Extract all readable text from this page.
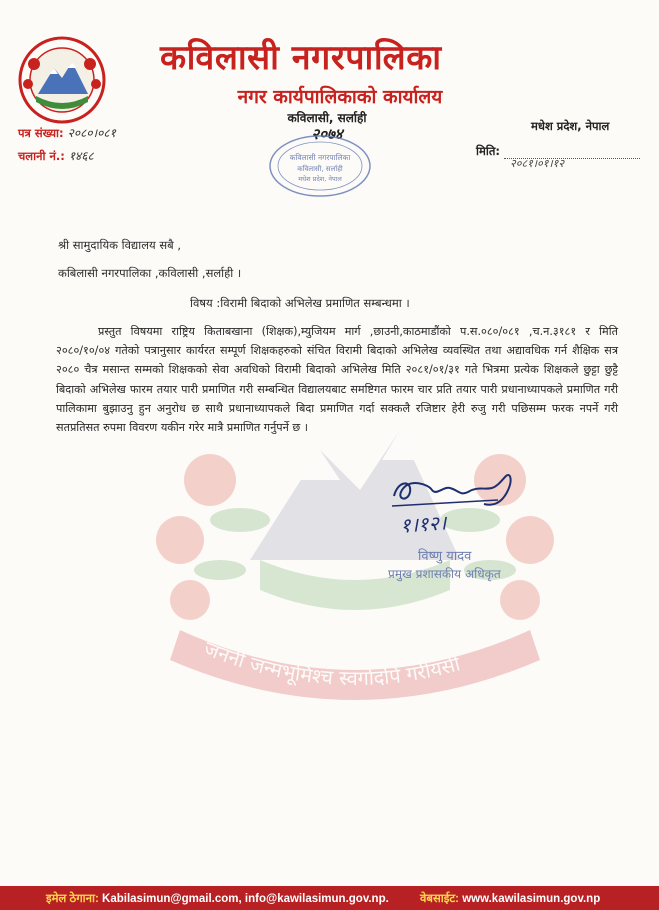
जननी जन्मभूमिश्च स्वर्गादपि गरीयसी
कविलासी नगरपालिका
नगर कार्यपालिकाको कार्यालय
कविलासी, सर्लाही
२०७४
पत्र संख्या: २०८०।०८१
चलानी नं.: १४६८
मधेश प्रदेश, नेपाल
मिति:
२०८१।०१।१२
कविलासी नगरपालिका
कविलासी, सर्लाही
मधेश प्रदेश, नेपाल
श्री सामुदायिक विद्यालय सबै ,
कबिलासी नगरपालिका ,कविलासी ,सर्लाही ।
विषय :विरामी बिदाको अभिलेख प्रमाणित सम्बन्धमा ।
प्रस्तुत विषयमा राष्ट्रिय किताबखाना (शिक्षक),म्युजियम मार्ग ,छाउनी,काठमाडौंको प.स.०८०/०८१ ,च.न.३१८१ र मिति २०८०/१०/०४ गतेको पत्रानुसार कार्यरत सम्पूर्ण शिक्षकहरुको संचित विरामी बिदाको अभिलेख व्यवस्थित तथा अद्यावधिक गर्न शैक्षिक सत्र २०८० चैत्र मसान्त सम्मको शिक्षकको सेवा अवधिको विरामी बिदाको अभिलेख मिति २०८१/०१/३१ गते भित्रमा प्रत्येक शिक्षकले छुट्टा छुट्टै बिदाको अभिलेख फारम तयार पारी प्रमाणित गरी सम्बन्धित विद्यालयबाट समष्टिगत फारम चार प्रति तयार पारी प्रधानाध्यापकले प्रमाणित गरी पालिकामा बुझाउनु हुन अनुरोध छ साथै प्रधानाध्यापकले बिदा प्रमाणित गर्दा सक्कलै रजिष्टार हेरी रुजु गरी पछिसम्म फरक नपर्ने गरी सतप्रतिसत रुपमा विवरण यकीन गरेर मात्रै प्रमाणित गर्नुपर्ने छ ।
१।१२।
विष्णु यादव
प्रमुख प्रशासकीय अधिकृत
इमेल ठेगाना: Kabilasimun@gmail.com, info@kawilasimun.gov.np.	वेबसाईट: www.kawilasimun.gov.np
